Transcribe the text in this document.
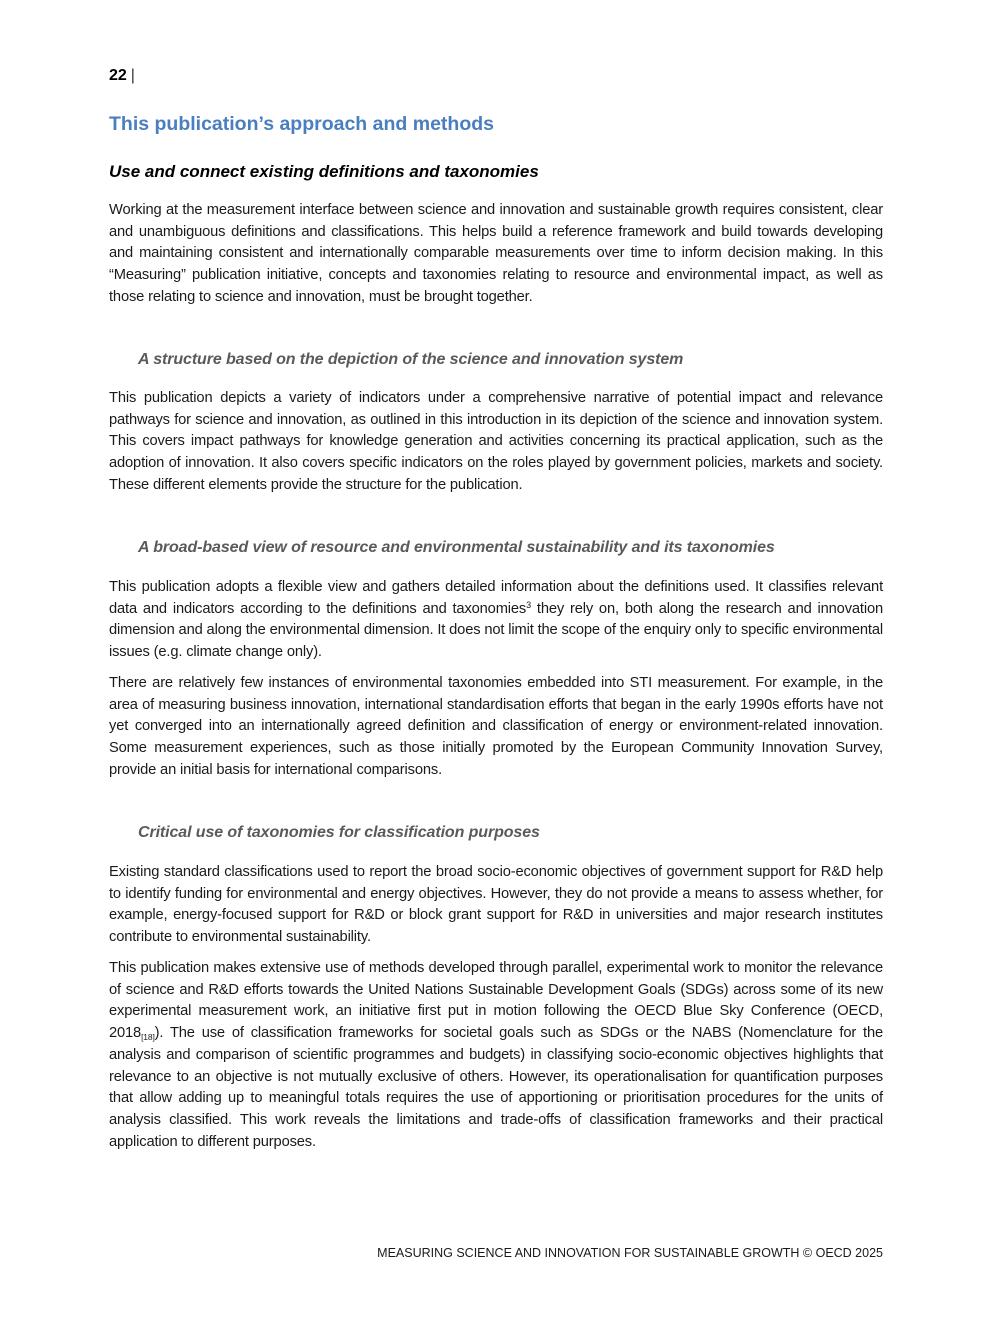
22 |
This publication’s approach and methods
Use and connect existing definitions and taxonomies

Working at the measurement interface between science and innovation and sustainable growth requires consistent, clear and unambiguous definitions and classifications. This helps build a reference framework and build towards developing and maintaining consistent and internationally comparable measurements over time to inform decision making. In this “Measuring” publication initiative, concepts and taxonomies relating to resource and environmental impact, as well as those relating to science and innovation, must be brought together.

A structure based on the depiction of the science and innovation system

This publication depicts a variety of indicators under a comprehensive narrative of potential impact and relevance pathways for science and innovation, as outlined in this introduction in its depiction of the science and innovation system. This covers impact pathways for knowledge generation and activities concerning its practical application, such as the adoption of innovation. It also covers specific indicators on the roles played by government policies, markets and society. These different elements provide the structure for the publication.

A broad-based view of resource and environmental sustainability and its taxonomies

This publication adopts a flexible view and gathers detailed information about the definitions used. It classifies relevant data and indicators according to the definitions and taxonomies$^3$ they rely on, both along the research and innovation dimension and along the environmental dimension. It does not limit the scope of the enquiry only to specific environmental issues (e.g. climate change only).

There are relatively few instances of environmental taxonomies embedded into STI measurement. For example, in the area of measuring business innovation, international standardisation efforts that began in the early 1990s efforts have not yet converged into an internationally agreed definition and classification of energy or environment-related innovation. Some measurement experiences, such as those initially promoted by the European Community Innovation Survey, provide an initial basis for international comparisons.

Critical use of taxonomies for classification purposes

Existing standard classifications used to report the broad socio-economic objectives of government support for R&D help to identify funding for environmental and energy objectives. However, they do not provide a means to assess whether, for example, energy-focused support for R&D or block grant support for R&D in universities and major research institutes contribute to environmental sustainability.

This publication makes extensive use of methods developed through parallel, experimental work to monitor the relevance of science and R&D efforts towards the United Nations Sustainable Development Goals (SDGs) across some of its new experimental measurement work, an initiative first put in motion following the OECD Blue Sky Conference (OECD, $2018_{[18]}$). The use of classification frameworks for societal goals such as SDGs or the NABS (Nomenclature for the analysis and comparison of scientific programmes and budgets) in classifying socio-economic objectives highlights that relevance to an objective is not mutually exclusive of others. However, its operationalisation for quantification purposes that allow adding up to meaningful totals requires the use of apportioning or prioritisation procedures for the units of analysis classified. This work reveals the limitations and trade-offs of classification frameworks and their practical application to different purposes.

MEASURING SCIENCE AND INNOVATION FOR SUSTAINABLE GROWTH © OECD 2025
